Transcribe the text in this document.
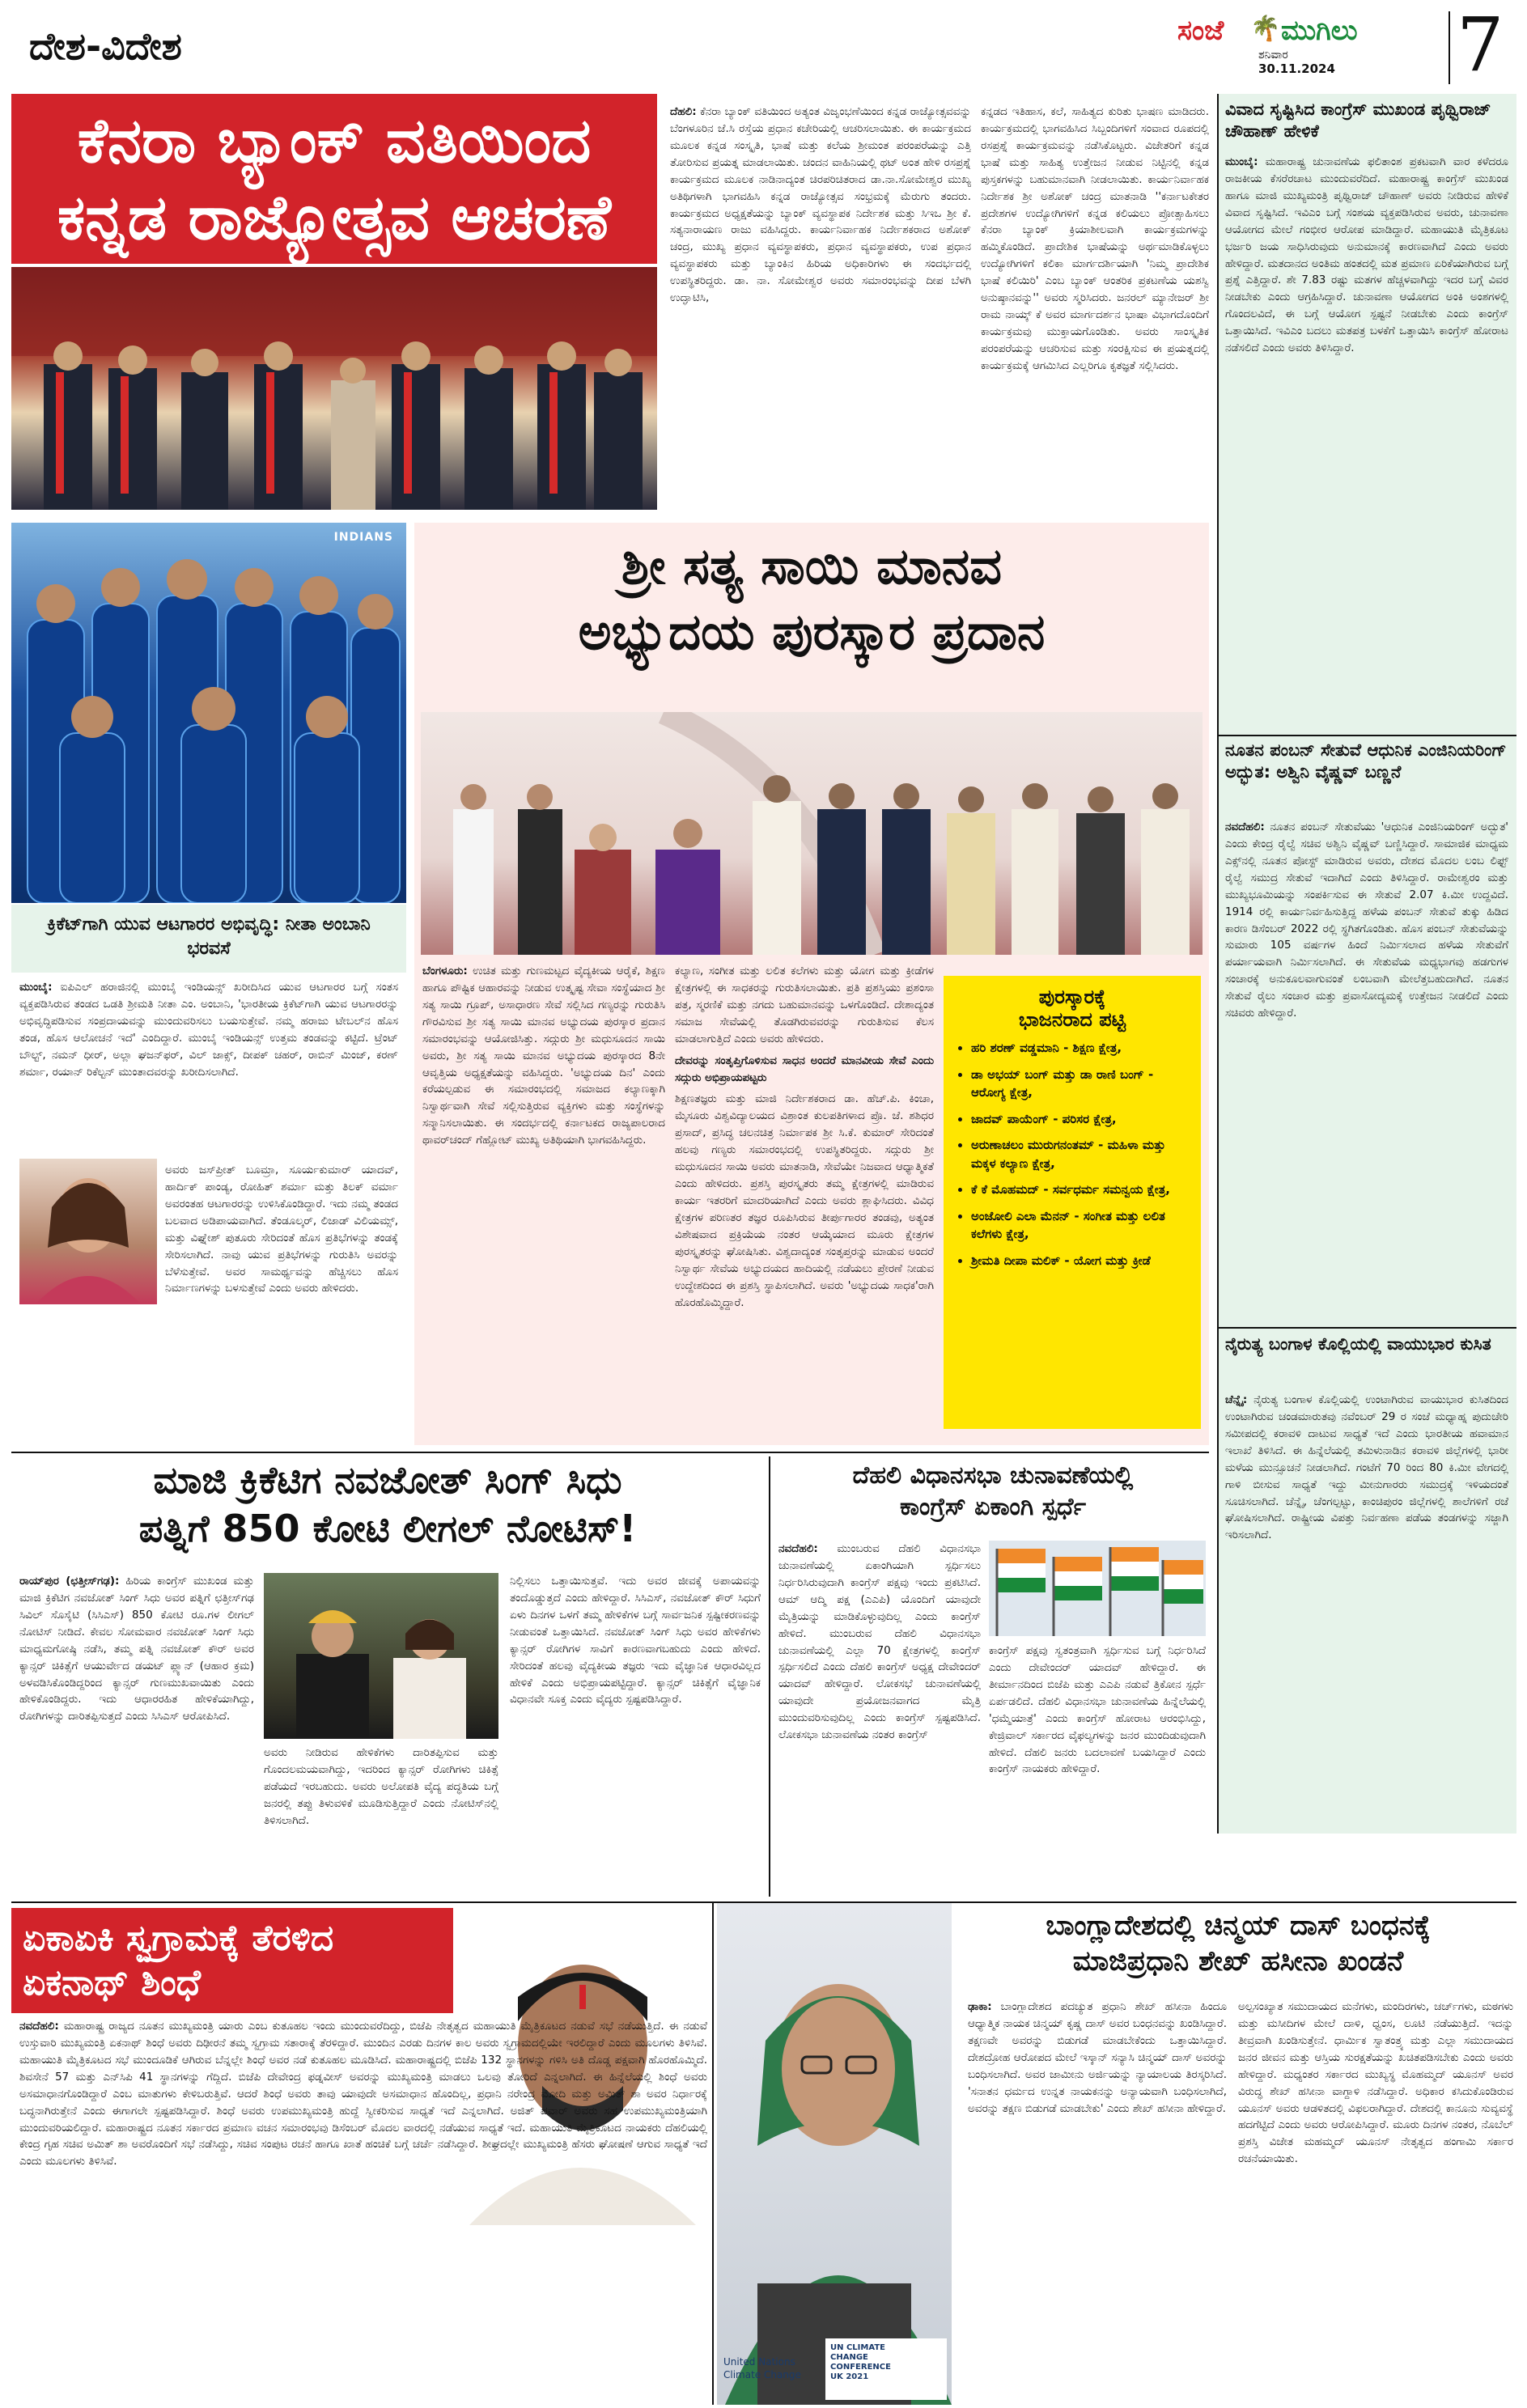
ದೇಶ-ವಿದೇಶ	ಸಂಜೆ 🌴 ಮುಗಿಲು
ಶನಿವಾರ
30.11.2024 7
ಕೆನರಾ ಬ್ಯಾಂಕ್ ವತಿಯಿಂದ
ಕನ್ನಡ ರಾಜ್ಯೋತ್ಸವ ಆಚರಣೆ
ದೆಹಲಿ: ಕೆನರಾ ಬ್ಯಾಂಕ್ ವತಿಯಿಂದ ಅತ್ಯಂತ ವಿಜೃಂಭಣೆಯಿಂದ ಕನ್ನಡ ರಾಜ್ಯೋತ್ಸವವನ್ನು ಬೆಂಗಳೂರಿನ ಜೆ.ಸಿ ರಸ್ತೆಯ ಪ್ರಧಾನ ಕಚೇರಿಯಲ್ಲಿ ಆಚರಿಸಲಾಯಿತು. ಈ ಕಾರ್ಯಕ್ರಮದ ಮೂಲಕ ಕನ್ನಡ ಸಂಸ್ಕೃತಿ, ಭಾಷೆ ಮತ್ತು ಕಲೆಯ ಶ್ರೀಮಂತ ಪರಂಪರೆಯನ್ನು ಎತ್ತಿ ತೋರಿಸುವ ಪ್ರಯತ್ನ ಮಾಡಲಾಯಿತು. ಚಂದನ ವಾಹಿನಿಯಲ್ಲಿ ಥಟ್ ಅಂತ ಹೇಳಿ ರಸಪ್ರಶ್ನೆ ಕಾರ್ಯಕ್ರಮದ ಮೂಲಕ ನಾಡಿನಾದ್ಯಂತ ಚಿರಪರಿಚಿತರಾದ ಡಾ.ನಾ.ಸೋಮೇಶ್ವರ ಮುಖ್ಯ ಅತಿಥಿಗಳಾಗಿ ಭಾಗವಹಿಸಿ ಕನ್ನಡ ರಾಜ್ಯೋತ್ಸವ ಸಂಭ್ರಮಕ್ಕೆ ಮೆರುಗು ತಂದರು. ಕಾರ್ಯಕ್ರಮದ ಅಧ್ಯಕ್ಷತೆಯನ್ನು ಬ್ಯಾಂಕ್ ವ್ಯವಸ್ಥಾಪಕ ನಿರ್ದೇಶಕ ಮತ್ತು ಸಿಇಒ ಶ್ರೀ ಕೆ. ಸತ್ಯನಾರಾಯಣ ರಾಜು ವಹಿಸಿದ್ದರು. ಕಾರ್ಯನಿರ್ವಾಹಕ ನಿರ್ದೇಶಕರಾದ ಅಶೋಕ್ ಚಂದ್ರ, ಮುಖ್ಯ ಪ್ರಧಾನ ವ್ಯವಸ್ಥಾಪಕರು, ಪ್ರಧಾನ ವ್ಯವಸ್ಥಾಪಕರು, ಉಪ ಪ್ರಧಾನ ವ್ಯವಸ್ಥಾಪಕರು ಮತ್ತು ಬ್ಯಾಂಕಿನ ಹಿರಿಯ ಅಧಿಕಾರಿಗಳು ಈ ಸಂದರ್ಭದಲ್ಲಿ ಉಪಸ್ಥಿತರಿದ್ದರು. ಡಾ. ನಾ. ಸೋಮೇಶ್ವರ ಅವರು ಸಮಾರಂಭವನ್ನು ದೀಪ ಬೆಳಗಿ ಉದ್ಘಾಟಿಸಿ,
ಕನ್ನಡದ ಇತಿಹಾಸ, ಕಲೆ, ಸಾಹಿತ್ಯದ ಕುರಿತು ಭಾಷಣ ಮಾಡಿದರು. ಕಾರ್ಯಕ್ರಮದಲ್ಲಿ ಭಾಗವಹಿಸಿದ ಸಿಬ್ಬಂದಿಗಳಿಗೆ ಸಂವಾದ ರೂಪದಲ್ಲಿ ರಸಪ್ರಶ್ನೆ ಕಾರ್ಯಕ್ರಮವನ್ನು ನಡೆಸಿಕೊಟ್ಟರು. ವಿಜೇತರಿಗೆ ಕನ್ನಡ ಭಾಷೆ ಮತ್ತು ಸಾಹಿತ್ಯ ಉತ್ತೇಜನ ನೀಡುವ ನಿಟ್ಟಿನಲ್ಲಿ ಕನ್ನಡ ಪುಸ್ತಕಗಳನ್ನು ಬಹುಮಾನವಾಗಿ ನೀಡಲಾಯಿತು. ಕಾರ್ಯನಿರ್ವಾಹಕ ನಿರ್ದೇಶಕ ಶ್ರೀ ಅಶೋಕ್ ಚಂದ್ರ ಮಾತನಾಡಿ ''ಕರ್ನಾಟಕೇತರ ಪ್ರದೇಶಗಳ ಉದ್ಯೋಗಿಗಳಿಗೆ ಕನ್ನಡ ಕಲಿಯಲು ಪ್ರೋತ್ಸಾಹಿಸಲು ಕೆನರಾ ಬ್ಯಾಂಕ್ ಕ್ರಿಯಾಶೀಲವಾಗಿ ಕಾರ್ಯಕ್ರಮಗಳನ್ನು ಹಮ್ಮಿಕೊಂಡಿದೆ. ಪ್ರಾದೇಶಿಕ ಭಾಷೆಯನ್ನು ಅರ್ಥಮಾಡಿಕೊಳ್ಳಲು ಉದ್ಯೋಗಿಗಳಿಗೆ ಕಲಿಕಾ ಮಾರ್ಗದರ್ಶಿಯಾಗಿ 'ನಿಮ್ಮ ಪ್ರಾದೇಶಿಕ ಭಾಷೆ ಕಲಿಯಿರಿ' ಎಂಬ ಬ್ಯಾಂಕ್ ಆಂತರಿಕ ಪ್ರಕಟಣೆಯ ಯಶಸ್ವಿ ಅನುಷ್ಠಾನವನ್ನು'' ಅವರು ಸ್ಮರಿಸಿದರು. ಜನರಲ್ ಮ್ಯಾನೇಜರ್ ಶ್ರೀ ರಾಮ ನಾಯ್ಕ್ ಕೆ ಅವರ ಮಾರ್ಗದರ್ಶನ ಭಾಷಾ ವಿಭಾಗದೊಂದಿಗೆ ಕಾರ್ಯಕ್ರಮವು ಮುಕ್ತಾಯಗೊಂಡಿತು. ಅವರು ಸಾಂಸ್ಕೃತಿಕ ಪರಂಪರೆಯನ್ನು ಆಚರಿಸುವ ಮತ್ತು ಸಂರಕ್ಷಿಸುವ ಈ ಪ್ರಯತ್ನದಲ್ಲಿ ಕಾರ್ಯಕ್ರಮಕ್ಕೆ ಆಗಮಿಸಿದ ಎಲ್ಲರಿಗೂ ಕೃತಜ್ಞತೆ ಸಲ್ಲಿಸಿದರು.
ವಿವಾದ ಸೃಷ್ಟಿಸಿದ ಕಾಂಗ್ರೆಸ್ ಮುಖಂಡ ಪೃಥ್ವಿರಾಜ್ ಚೌಹಾಣ್ ಹೇಳಿಕೆ
ಮುಂಬೈ: ಮಹಾರಾಷ್ಟ್ರ ಚುನಾವಣೆಯ ಫಲಿತಾಂಶ ಪ್ರಕಟವಾಗಿ ವಾರ ಕಳೆದರೂ ರಾಜಕೀಯ ಕೆಸರೆರಚಾಟ ಮುಂದುವರೆದಿದೆ. ಮಹಾರಾಷ್ಟ್ರ ಕಾಂಗ್ರೆಸ್ ಮುಖಂಡ ಹಾಗೂ ಮಾಜಿ ಮುಖ್ಯಮಂತ್ರಿ ಪೃಥ್ವಿರಾಜ್ ಚೌಹಾಣ್ ಅವರು ನೀಡಿರುವ ಹೇಳಿಕೆ ವಿವಾದ ಸೃಷ್ಟಿಸಿದೆ. ಇವಿಎಂ ಬಗ್ಗೆ ಸಂಶಯ ವ್ಯಕ್ತಪಡಿಸಿರುವ ಅವರು, ಚುನಾವಣಾ ಆಯೋಗದ ಮೇಲೆ ಗಂಭೀರ ಆರೋಪ ಮಾಡಿದ್ದಾರೆ. ಮಹಾಯುತಿ ಮೈತ್ರಿಕೂಟ ಭರ್ಜರಿ ಜಯ ಸಾಧಿಸಿರುವುದು ಅನುಮಾನಕ್ಕೆ ಕಾರಣವಾಗಿದೆ ಎಂದು ಅವರು ಹೇಳಿದ್ದಾರೆ. ಮತದಾನದ ಅಂತಿಮ ಹಂತದಲ್ಲಿ ಮತ ಪ್ರಮಾಣ ಏರಿಕೆಯಾಗಿರುವ ಬಗ್ಗೆ ಪ್ರಶ್ನೆ ಎತ್ತಿದ್ದಾರೆ. ಶೇ 7.83 ರಷ್ಟು ಮತಗಳ ಹೆಚ್ಚಳವಾಗಿದ್ದು ಇದರ ಬಗ್ಗೆ ವಿವರ ನೀಡಬೇಕು ಎಂದು ಆಗ್ರಹಿಸಿದ್ದಾರೆ. ಚುನಾವಣಾ ಆಯೋಗದ ಅಂಕಿ ಅಂಶಗಳಲ್ಲಿ ಗೊಂದಲವಿದೆ, ಈ ಬಗ್ಗೆ ಆಯೋಗ ಸ್ಪಷ್ಟನೆ ನೀಡಬೇಕು ಎಂದು ಕಾಂಗ್ರೆಸ್ ಒತ್ತಾಯಿಸಿದೆ. ಇವಿಎಂ ಬದಲು ಮತಪತ್ರ ಬಳಕೆಗೆ ಒತ್ತಾಯಿಸಿ ಕಾಂಗ್ರೆಸ್ ಹೋರಾಟ ನಡೆಸಲಿದೆ ಎಂದು ಅವರು ತಿಳಿಸಿದ್ದಾರೆ.
ನೂತನ ಪಂಬನ್ ಸೇತುವೆ ಆಧುನಿಕ ಎಂಜಿನಿಯರಿಂಗ್ ಅದ್ಭುತ: ಅಶ್ವಿನಿ ವೈಷ್ಣವ್ ಬಣ್ಣನೆ
ನವದೆಹಲಿ: ನೂತನ ಪಂಬನ್ ಸೇತುವೆಯು 'ಆಧುನಿಕ ಎಂಜಿನಿಯರಿಂಗ್ ಅದ್ಭುತ' ಎಂದು ಕೇಂದ್ರ ರೈಲ್ವೆ ಸಚಿವ ಅಶ್ವಿನಿ ವೈಷ್ಣವ್ ಬಣ್ಣಿಸಿದ್ದಾರೆ. ಸಾಮಾಜಿಕ ಮಾಧ್ಯಮ ಎಕ್ಸ್‌ನಲ್ಲಿ ನೂತನ ಪೋಸ್ಟ್ ಮಾಡಿರುವ ಅವರು, ದೇಶದ ಮೊದಲ ಲಂಬ ಲಿಫ್ಟ್ ರೈಲ್ವೆ ಸಮುದ್ರ ಸೇತುವೆ ಇದಾಗಿದೆ ಎಂದು ತಿಳಿಸಿದ್ದಾರೆ. ರಾಮೇಶ್ವರಂ ಮತ್ತು ಮುಖ್ಯಭೂಮಿಯನ್ನು ಸಂಪರ್ಕಿಸುವ ಈ ಸೇತುವೆ 2.07 ಕಿ.ಮೀ ಉದ್ದವಿದೆ. 1914 ರಲ್ಲಿ ಕಾರ್ಯನಿರ್ವಹಿಸುತ್ತಿದ್ದ ಹಳೆಯ ಪಂಬನ್ ಸೇತುವೆ ತುಕ್ಕು ಹಿಡಿದ ಕಾರಣ ಡಿಸೆಂಬರ್ 2022 ರಲ್ಲಿ ಸ್ಥಗಿತಗೊಂಡಿತು. ಹೊಸ ಪಂಬನ್ ಸೇತುವೆಯನ್ನು ಸುಮಾರು 105 ವರ್ಷಗಳ ಹಿಂದೆ ನಿರ್ಮಿಸಲಾದ ಹಳೆಯ ಸೇತುವೆಗೆ ಪರ್ಯಾಯವಾಗಿ ನಿರ್ಮಿಸಲಾಗಿದೆ. ಈ ಸೇತುವೆಯ ಮಧ್ಯಭಾಗವು ಹಡಗುಗಳ ಸಂಚಾರಕ್ಕೆ ಅನುಕೂಲವಾಗುವಂತೆ ಲಂಬವಾಗಿ ಮೇಲೆತ್ತಬಹುದಾಗಿದೆ. ನೂತನ ಸೇತುವೆ ರೈಲು ಸಂಚಾರ ಮತ್ತು ಪ್ರವಾಸೋದ್ಯಮಕ್ಕೆ ಉತ್ತೇಜನ ನೀಡಲಿದೆ ಎಂದು ಸಚಿವರು ಹೇಳಿದ್ದಾರೆ.
ನೈರುತ್ಯ ಬಂಗಾಳ ಕೊಲ್ಲಿಯಲ್ಲಿ ವಾಯುಭಾರ ಕುಸಿತ
ಚೆನ್ನೈ: ನೈರುತ್ಯ ಬಂಗಾಳ ಕೊಲ್ಲಿಯಲ್ಲಿ ಉಂಟಾಗಿರುವ ವಾಯುಭಾರ ಕುಸಿತದಿಂದ ಉಂಟಾಗಿರುವ ಚಂಡಮಾರುತವು ನವೆಂಬರ್ 29 ರ ಸಂಜೆ ಮಧ್ಯಾಹ್ನ ಪುದುಚೇರಿ ಸಮೀಪದಲ್ಲಿ ಕರಾವಳಿ ದಾಟುವ ಸಾಧ್ಯತೆ ಇದೆ ಎಂದು ಭಾರತೀಯ ಹವಾಮಾನ ಇಲಾಖೆ ತಿಳಿಸಿದೆ. ಈ ಹಿನ್ನೆಲೆಯಲ್ಲಿ ತಮಿಳುನಾಡಿನ ಕರಾವಳಿ ಜಿಲ್ಲೆಗಳಲ್ಲಿ ಭಾರೀ ಮಳೆಯ ಮುನ್ಸೂಚನೆ ನೀಡಲಾಗಿದೆ. ಗಂಟೆಗೆ 70 ರಿಂದ 80 ಕಿ.ಮೀ ವೇಗದಲ್ಲಿ ಗಾಳಿ ಬೀಸುವ ಸಾಧ್ಯತೆ ಇದ್ದು ಮೀನುಗಾರರು ಸಮುದ್ರಕ್ಕೆ ಇಳಿಯದಂತೆ ಸೂಚಿಸಲಾಗಿದೆ. ಚೆನ್ನೈ, ಚೆಂಗಲ್ಪಟ್ಟು, ಕಾಂಚಿಪುರಂ ಜಿಲ್ಲೆಗಳಲ್ಲಿ ಶಾಲೆಗಳಿಗೆ ರಜೆ ಘೋಷಿಸಲಾಗಿದೆ. ರಾಷ್ಟ್ರೀಯ ವಿಪತ್ತು ನಿರ್ವಹಣಾ ಪಡೆಯ ತಂಡಗಳನ್ನು ಸಜ್ಜಾಗಿ ಇರಿಸಲಾಗಿದೆ.
INDIANS
ಕ್ರಿಕೆಟ್‌ಗಾಗಿ ಯುವ ಆಟಗಾರರ ಅಭಿವೃದ್ಧಿ: ನೀತಾ ಅಂಬಾನಿ ಭರವಸೆ
ಮುಂಬೈ: ಐಪಿಎಲ್ ಹರಾಜಿನಲ್ಲಿ ಮುಂಬೈ ಇಂಡಿಯನ್ಸ್ ಖರೀದಿಸಿದ ಯುವ ಆಟಗಾರರ ಬಗ್ಗೆ ಸಂತಸ ವ್ಯಕ್ತಪಡಿಸಿರುವ ತಂಡದ ಒಡತಿ ಶ್ರೀಮತಿ ನೀತಾ ಎಂ. ಅಂಬಾನಿ, 'ಭಾರತೀಯ ಕ್ರಿಕೆಟ್‌ಗಾಗಿ ಯುವ ಆಟಗಾರರನ್ನು ಅಭಿವೃದ್ಧಿಪಡಿಸುವ ಸಂಪ್ರದಾಯವನ್ನು ಮುಂದುವರಿಸಲು ಬಯಸುತ್ತೇವೆ. ನಮ್ಮ ಹರಾಜು ಟೇಬಲ್‌ನ ಹೊಸ ತಂಡ, ಹೊಸ ಆಲೋಚನೆ ಇದೆ' ಎಂದಿದ್ದಾರೆ. ಮುಂಬೈ ಇಂಡಿಯನ್ಸ್ ಉತ್ತಮ ತಂಡವನ್ನು ಕಟ್ಟಿದೆ. ಟ್ರೆಂಟ್ ಬೌಲ್ಟ್, ನಮನ್ ಧೀರ್, ಅಲ್ಲಾ ಘಜನ್‌ಫರ್, ವಿಲ್ ಜಾಕ್ಸ್, ದೀಪಕ್ ಚಹರ್, ರಾಬಿನ್ ಮಿಂಜ್, ಕರಣ್ ಶರ್ಮಾ, ರಯಾನ್ ರಿಕೆಲ್ಟನ್ ಮುಂತಾದವರನ್ನು ಖರೀದಿಸಲಾಗಿದೆ.
ಅವರು ಜಸ್‌ಪ್ರೀತ್ ಬೂಮ್ರಾ, ಸೂರ್ಯಕುಮಾರ್ ಯಾದವ್, ಹಾರ್ದಿಕ್ ಪಾಂಡ್ಯ, ರೋಹಿತ್ ಶರ್ಮಾ ಮತ್ತು ತಿಲಕ್ ವರ್ಮಾ ಅವರಂತಹ ಆಟಗಾರರನ್ನು ಉಳಿಸಿಕೊಂಡಿದ್ದಾರೆ. ಇದು ನಮ್ಮ ತಂಡದ ಬಲವಾದ ಅಡಿಪಾಯವಾಗಿದೆ. ತೆಂಡೂಲ್ಕರ್, ಲಿಜಾಡ್ ವಿಲಿಯಮ್ಸ್, ಮತ್ತು ವಿಘ್ನೇಶ್ ಪುತೂರು ಸೇರಿದಂತೆ ಹೊಸ ಪ್ರತಿಭೆಗಳನ್ನು ತಂಡಕ್ಕೆ ಸೇರಿಸಲಾಗಿದೆ. ನಾವು ಯುವ ಪ್ರತಿಭೆಗಳನ್ನು ಗುರುತಿಸಿ ಅವರನ್ನು ಬೆಳೆಸುತ್ತೇವೆ. ಅವರ ಸಾಮರ್ಥ್ಯವನ್ನು ಹೆಚ್ಚಿಸಲು ಹೊಸ ನಿರ್ಮಾಣಗಳನ್ನು ಬಳಸುತ್ತೇವೆ ಎಂದು ಅವರು ಹೇಳಿದರು.
ಶ್ರೀ ಸತ್ಯ ಸಾಯಿ ಮಾನವ
ಅಭ್ಯುದಯ ಪುರಸ್ಕಾರ ಪ್ರದಾನ
ಬೆಂಗಳೂರು: ಉಚಿತ ಮತ್ತು ಗುಣಮಟ್ಟದ ವೈದ್ಯಕೀಯ ಆರೈಕೆ, ಶಿಕ್ಷಣ ಹಾಗೂ ಪೌಷ್ಟಿಕ ಆಹಾರವನ್ನು ನೀಡುವ ಉತ್ಕೃಷ್ಟ ಸೇವಾ ಸಂಸ್ಥೆಯಾದ ಶ್ರೀ ಸತ್ಯ ಸಾಯಿ ಗ್ರೂಪ್, ಅಸಾಧಾರಣ ಸೇವೆ ಸಲ್ಲಿಸಿದ ಗಣ್ಯರನ್ನು ಗುರುತಿಸಿ ಗೌರವಿಸುವ ಶ್ರೀ ಸತ್ಯ ಸಾಯಿ ಮಾನವ ಅಭ್ಯುದಯ ಪುರಸ್ಕಾರ ಪ್ರದಾನ ಸಮಾರಂಭವನ್ನು ಆಯೋಜಿಸಿತ್ತು. ಸದ್ಗುರು ಶ್ರೀ ಮಧುಸೂದನ ಸಾಯಿ ಅವರು, ಶ್ರೀ ಸತ್ಯ ಸಾಯಿ ಮಾನವ ಅಭ್ಯುದಯ ಪುರಸ್ಕಾರದ 8ನೇ ಆವೃತ್ತಿಯ ಅಧ್ಯಕ್ಷತೆಯನ್ನು ವಹಿಸಿದ್ದರು. 'ಅಭ್ಯುದಯ ದಿನ' ಎಂದು ಕರೆಯಲ್ಪಡುವ ಈ ಸಮಾರಂಭದಲ್ಲಿ ಸಮಾಜದ ಕಲ್ಯಾಣಕ್ಕಾಗಿ ನಿಸ್ವಾರ್ಥವಾಗಿ ಸೇವೆ ಸಲ್ಲಿಸುತ್ತಿರುವ ವ್ಯಕ್ತಿಗಳು ಮತ್ತು ಸಂಸ್ಥೆಗಳನ್ನು ಸನ್ಮಾನಿಸಲಾಯಿತು. ಈ ಸಂದರ್ಭದಲ್ಲಿ ಕರ್ನಾಟಕದ ರಾಜ್ಯಪಾಲರಾದ ಥಾವರ್‌ಚಂದ್ ಗೆಹ್ಲೋಟ್ ಮುಖ್ಯ ಅತಿಥಿಯಾಗಿ ಭಾಗವಹಿಸಿದ್ದರು.
ಕಲ್ಯಾಣ, ಸಂಗೀತ ಮತ್ತು ಲಲಿತ ಕಲೆಗಳು ಮತ್ತು ಯೋಗ ಮತ್ತು ಕ್ರೀಡೆಗಳ ಕ್ಷೇತ್ರಗಳಲ್ಲಿ ಈ ಸಾಧಕರನ್ನು ಗುರುತಿಸಲಾಯಿತು. ಪ್ರತಿ ಪ್ರಶಸ್ತಿಯು ಪ್ರಶಂಸಾ ಪತ್ರ, ಸ್ಮರಣಿಕೆ ಮತ್ತು ನಗದು ಬಹುಮಾನವನ್ನು ಒಳಗೊಂಡಿದೆ. ದೇಶಾದ್ಯಂತ ಸಮಾಜ ಸೇವೆಯಲ್ಲಿ ತೊಡಗಿರುವವರನ್ನು ಗುರುತಿಸುವ ಕೆಲಸ ಮಾಡಲಾಗುತ್ತಿದೆ ಎಂದು ಅವರು ಹೇಳಿದರು.
ದೇವರನ್ನು ಸಂತೃಪ್ತಿಗೊಳಿಸುವ ಸಾಧನ ಅಂದರೆ ಮಾನವೀಯ ಸೇವೆ ಎಂದು ಸದ್ಗುರು ಅಭಿಪ್ರಾಯಪಟ್ಟರು
ಶಿಕ್ಷಣತಜ್ಞರು ಮತ್ತು ಮಾಜಿ ನಿರ್ದೇಶಕರಾದ ಡಾ. ಹೆಚ್.ಪಿ. ಕಿಂಚಾ, ಮೈಸೂರು ವಿಶ್ವವಿದ್ಯಾಲಯದ ವಿಶ್ರಾಂತ ಕುಲಪತಿಗಳಾದ ಪ್ರೊ. ಜೆ. ಶಶಿಧರ ಪ್ರಸಾದ್, ಪ್ರಸಿದ್ಧ ಚಲನಚಿತ್ರ ನಿರ್ಮಾಪಕ ಶ್ರೀ ಸಿ.ಕೆ. ಕುಮಾರ್ ಸೇರಿದಂತೆ ಹಲವು ಗಣ್ಯರು ಸಮಾರಂಭದಲ್ಲಿ ಉಪಸ್ಥಿತರಿದ್ದರು. ಸದ್ಗುರು ಶ್ರೀ ಮಧುಸೂದನ ಸಾಯಿ ಅವರು ಮಾತನಾಡಿ, ಸೇವೆಯೇ ನಿಜವಾದ ಆಧ್ಯಾತ್ಮಿಕತೆ ಎಂದು ಹೇಳಿದರು. ಪ್ರಶಸ್ತಿ ಪುರಸ್ಕೃತರು ತಮ್ಮ ಕ್ಷೇತ್ರಗಳಲ್ಲಿ ಮಾಡಿರುವ ಕಾರ್ಯ ಇತರರಿಗೆ ಮಾದರಿಯಾಗಿದೆ ಎಂದು ಅವರು ಶ್ಲಾಘಿಸಿದರು. ವಿವಿಧ ಕ್ಷೇತ್ರಗಳ ಪರಿಣತರ ತಜ್ಞರ ರೂಪಿಸಿರುವ ತೀರ್ಪುಗಾರರ ತಂಡವು, ಅತ್ಯಂತ ವಿಶೇಷವಾದ ಪ್ರಕ್ರಿಯೆಯ ನಂತರ ಆಯ್ಕೆಯಾದ ಮೂರು ಕ್ಷೇತ್ರಗಳ ಪುರಸ್ಕೃತರನ್ನು ಘೋಷಿಸಿತು. ವಿಶ್ವದಾದ್ಯಂತ ಸಂತೃಪ್ತರನ್ನು ಮಾಡುವ ಅಂದರೆ ನಿಸ್ವಾರ್ಥ ಸೇವೆಯ ಅಭ್ಯುದಯದ ಹಾದಿಯಲ್ಲಿ ನಡೆಯಲು ಪ್ರೇರಣೆ ನೀಡುವ ಉದ್ದೇಶದಿಂದ ಈ ಪ್ರಶಸ್ತಿ ಸ್ಥಾಪಿಸಲಾಗಿದೆ. ಅವರು 'ಅಭ್ಯುದಯ ಸಾಧಕ'ರಾಗಿ ಹೊರಹೊಮ್ಮಿದ್ದಾರೆ.
ಪುರಸ್ಕಾರಕ್ಕೆ
ಭಾಜನರಾದ ಪಟ್ಟಿ
• ಹರಿ ಶರಣ್ ವಡ್ಡಮಾನಿ - ಶಿಕ್ಷಣ ಕ್ಷೇತ್ರ,
• ಡಾ ಅಭಯ್ ಬಂಗ್ ಮತ್ತು ಡಾ ರಾಣಿ ಬಂಗ್ - ಆರೋಗ್ಯ ಕ್ಷೇತ್ರ,
• ಜಾದವ್ ಪಾಯೆಂಗ್ - ಪರಿಸರ ಕ್ಷೇತ್ರ,
• ಅರುಣಾಚಲಂ ಮುರುಗನಂತಮ್ - ಮಹಿಳಾ ಮತ್ತು ಮಕ್ಕಳ ಕಲ್ಯಾಣ ಕ್ಷೇತ್ರ,
• ಕೆ ಕೆ ಮೊಹಮದ್ - ಸರ್ವಧರ್ಮ ಸಮನ್ವಯ ಕ್ಷೇತ್ರ,
• ಅಂಜೋಲಿ ಎಲಾ ಮೆನನ್ - ಸಂಗೀತ ಮತ್ತು ಲಲಿತ ಕಲೆಗಳು ಕ್ಷೇತ್ರ,
• ಶ್ರೀಮತಿ ದೀಪಾ ಮಲಿಕ್ - ಯೋಗ ಮತ್ತು ಕ್ರೀಡೆ
ಮಾಜಿ ಕ್ರಿಕೆಟಿಗ ನವಜೋತ್ ಸಿಂಗ್ ಸಿಧು
ಪತ್ನಿಗೆ 850 ಕೋಟಿ ಲೀಗಲ್ ನೋಟಿಸ್!
ರಾಯ್‌ಪುರ (ಛತ್ತೀಸ್‌ಗಢ): ಹಿರಿಯ ಕಾಂಗ್ರೆಸ್ ಮುಖಂಡ ಮತ್ತು ಮಾಜಿ ಕ್ರಿಕೆಟಿಗ ನವಜೋತ್ ಸಿಂಗ್ ಸಿಧು ಅವರ ಪತ್ನಿಗೆ ಛತ್ತೀಸ್‌ಗಢ ಸಿವಿಲ್ ಸೊಸೈಟಿ (ಸಿಸಿಎಸ್) 850 ಕೋಟಿ ರೂ.ಗಳ ಲೀಗಲ್ ನೋಟಿಸ್ ನೀಡಿದೆ. ಕೇವಲ ಸೋಮವಾರ ನವಜೋತ್ ಸಿಂಗ್ ಸಿಧು ಮಾಧ್ಯಮಗೋಷ್ಠಿ ನಡೆಸಿ, ತಮ್ಮ ಪತ್ನಿ ನವಜೋತ್ ಕೌರ್ ಅವರ ಕ್ಯಾನ್ಸರ್ ಚಿಕಿತ್ಸೆಗೆ ಆಯುರ್ವೇದ ಡಯಟ್ ಪ್ಲ್ಯಾನ್ (ಆಹಾರ ಕ್ರಮ) ಅಳವಡಿಸಿಕೊಂಡಿದ್ದರಿಂದ ಕ್ಯಾನ್ಸರ್ ಗುಣಮುಖವಾಯಿತು ಎಂದು ಹೇಳಿಕೊಂಡಿದ್ದರು. ಇದು ಆಧಾರರಹಿತ ಹೇಳಿಕೆಯಾಗಿದ್ದು, ರೋಗಿಗಳನ್ನು ದಾರಿತಪ್ಪಿಸುತ್ತದೆ ಎಂದು ಸಿಸಿಎಸ್ ಆರೋಪಿಸಿದೆ.
ನಿಲ್ಲಿಸಲು ಒತ್ತಾಯಿಸುತ್ತವೆ. ಇದು ಅವರ ಜೀವಕ್ಕೆ ಅಪಾಯವನ್ನು ತಂದೊಡ್ಡುತ್ತದೆ ಎಂದು ಹೇಳಿದ್ದಾರೆ. ಸಿಸಿಎಸ್, ನವಜೋತ್ ಕೌರ್ ಸಿಧುಗೆ ಏಳು ದಿನಗಳ ಒಳಗೆ ತಮ್ಮ ಹೇಳಿಕೆಗಳ ಬಗ್ಗೆ ಸಾರ್ವಜನಿಕ ಸ್ಪಷ್ಟೀಕರಣವನ್ನು ನೀಡುವಂತೆ ಒತ್ತಾಯಿಸಿದೆ. ನವಜೋತ್ ಸಿಂಗ್ ಸಿಧು ಅವರ ಹೇಳಿಕೆಗಳು ಕ್ಯಾನ್ಸರ್ ರೋಗಿಗಳ ಸಾವಿಗೆ ಕಾರಣವಾಗಬಹುದು ಎಂದು ಹೇಳಿದೆ. ಸೇರಿದಂತೆ ಹಲವು ವೈದ್ಯಕೀಯ ತಜ್ಞರು ಇದು ವೈಜ್ಞಾನಿಕ ಆಧಾರವಿಲ್ಲದ ಹೇಳಿಕೆ ಎಂದು ಅಭಿಪ್ರಾಯಪಟ್ಟಿದ್ದಾರೆ. ಕ್ಯಾನ್ಸರ್ ಚಿಕಿತ್ಸೆಗೆ ವೈಜ್ಞಾನಿಕ ವಿಧಾನವೇ ಸೂಕ್ತ ಎಂದು ವೈದ್ಯರು ಸ್ಪಷ್ಟಪಡಿಸಿದ್ದಾರೆ.
ಅವರು ನೀಡಿರುವ ಹೇಳಿಕೆಗಳು ದಾರಿತಪ್ಪಿಸುವ ಮತ್ತು ಗೊಂದಲಮಯವಾಗಿದ್ದು, ಇದರಿಂದ ಕ್ಯಾನ್ಸರ್ ರೋಗಿಗಳು ಚಿಕಿತ್ಸೆ ಪಡೆಯದೆ ಇರಬಹುದು. ಅವರು ಅಲೋಪತಿ ವೈದ್ಯ ಪದ್ಧತಿಯ ಬಗ್ಗೆ ಜನರಲ್ಲಿ ತಪ್ಪು ತಿಳುವಳಿಕೆ ಮೂಡಿಸುತ್ತಿದ್ದಾರೆ ಎಂದು ನೋಟಿಸ್‌ನಲ್ಲಿ ತಿಳಿಸಲಾಗಿದೆ.
ದೆಹಲಿ ವಿಧಾನಸಭಾ ಚುನಾವಣೆಯಲ್ಲಿ
ಕಾಂಗ್ರೆಸ್ ಏಕಾಂಗಿ ಸ್ಪರ್ಧೆ
ನವದೆಹಲಿ: ಮುಂಬರುವ ದೆಹಲಿ ವಿಧಾನಸಭಾ ಚುನಾವಣೆಯಲ್ಲಿ ಏಕಾಂಗಿಯಾಗಿ ಸ್ಪರ್ಧಿಸಲು ನಿರ್ಧರಿಸಿರುವುದಾಗಿ ಕಾಂಗ್ರೆಸ್ ಪಕ್ಷವು ಇಂದು ಪ್ರಕಟಿಸಿದೆ. ಆಮ್ ಆದ್ಮಿ ಪಕ್ಷ (ಎಎಪಿ) ಯೊಂದಿಗೆ ಯಾವುದೇ ಮೈತ್ರಿಯನ್ನು ಮಾಡಿಕೊಳ್ಳುವುದಿಲ್ಲ ಎಂದು ಕಾಂಗ್ರೆಸ್ ಹೇಳಿದೆ. ಮುಂಬರುವ ದೆಹಲಿ ವಿಧಾನಸಭಾ ಚುನಾವಣೆಯಲ್ಲಿ ಎಲ್ಲಾ 70 ಕ್ಷೇತ್ರಗಳಲ್ಲಿ ಕಾಂಗ್ರೆಸ್ ಸ್ಪರ್ಧಿಸಲಿದೆ ಎಂದು ದೆಹಲಿ ಕಾಂಗ್ರೆಸ್ ಅಧ್ಯಕ್ಷ ದೇವೇಂದರ್ ಯಾದವ್ ಹೇಳಿದ್ದಾರೆ. ಲೋಕಸಭೆ ಚುನಾವಣೆಯಲ್ಲಿ ಯಾವುದೇ ಪ್ರಯೋಜನವಾಗದ ಮೈತ್ರಿ ಮುಂದುವರಿಸುವುದಿಲ್ಲ ಎಂದು ಕಾಂಗ್ರೆಸ್ ಸ್ಪಷ್ಟಪಡಿಸಿದೆ. ಲೋಕಸಭಾ ಚುನಾವಣೆಯ ನಂತರ ಕಾಂಗ್ರೆಸ್
ಕಾಂಗ್ರೆಸ್ ಪಕ್ಷವು ಸ್ವತಂತ್ರವಾಗಿ ಸ್ಪರ್ಧಿಸುವ ಬಗ್ಗೆ ನಿರ್ಧರಿಸಿದೆ ಎಂದು ದೇವೇಂದರ್ ಯಾದವ್ ಹೇಳಿದ್ದಾರೆ. ಈ ತೀರ್ಮಾನದಿಂದ ಬಿಜೆಪಿ ಮತ್ತು ಎಎಪಿ ನಡುವೆ ತ್ರಿಕೋನ ಸ್ಪರ್ಧೆ ಏರ್ಪಡಲಿದೆ. ದೆಹಲಿ ವಿಧಾನಸಭಾ ಚುನಾವಣೆಯ ಹಿನ್ನೆಲೆಯಲ್ಲಿ 'ಧಮ್ಮೆಯಾತ್ರೆ' ಎಂದು ಕಾಂಗ್ರೆಸ್ ಹೋರಾಟ ಆರಂಭಿಸಿದ್ದು, ಕೇಜ್ರಿವಾಲ್ ಸರ್ಕಾರದ ವೈಫಲ್ಯಗಳನ್ನು ಜನರ ಮುಂದಿಡುವುದಾಗಿ ಹೇಳಿದೆ. ದೆಹಲಿ ಜನರು ಬದಲಾವಣೆ ಬಯಸಿದ್ದಾರೆ ಎಂದು ಕಾಂಗ್ರೆಸ್ ನಾಯಕರು ಹೇಳಿದ್ದಾರೆ.
ಏಕಾಏಕಿ ಸ್ವಗ್ರಾಮಕ್ಕೆ ತೆರಳಿದ
ಏಕನಾಥ್ ಶಿಂಧೆ
ನವದೆಹಲಿ: ಮಹಾರಾಷ್ಟ್ರ ರಾಜ್ಯದ ನೂತನ ಮುಖ್ಯಮಂತ್ರಿ ಯಾರು ಎಂಬ ಕುತೂಹಲ ಇಂದು ಮುಂದುವರೆದಿದ್ದು, ಬಿಜೆಪಿ ನೇತೃತ್ವದ ಮಹಾಯುತಿ ಮೈತ್ರಿಕೂಟದ ನಡುವೆ ಸಭೆ ನಡೆಯುತ್ತಿದೆ. ಈ ನಡುವೆ ಉಸ್ತುವಾರಿ ಮುಖ್ಯಮಂತ್ರಿ ಏಕನಾಥ್ ಶಿಂಧೆ ಅವರು ದಿಢೀರನೆ ತಮ್ಮ ಸ್ವಗ್ರಾಮ ಸತಾರಾಕ್ಕೆ ತೆರಳಿದ್ದಾರೆ. ಮುಂದಿನ ಎರಡು ದಿನಗಳ ಕಾಲ ಅವರು ಸ್ವಗ್ರಾಮದಲ್ಲಿಯೇ ಇರಲಿದ್ದಾರೆ ಎಂದು ಮೂಲಗಳು ತಿಳಿಸಿವೆ. ಮಹಾಯುತಿ ಮೈತ್ರಿಕೂಟದ ಸಭೆ ಮುಂದೂಡಿಕೆ ಆಗಿರುವ ಬೆನ್ನಲ್ಲೇ ಶಿಂಧೆ ಅವರ ನಡೆ ಕುತೂಹಲ ಮೂಡಿಸಿದೆ. ಮಹಾರಾಷ್ಟ್ರದಲ್ಲಿ ಬಿಜೆಪಿ 132 ಸ್ಥಾನಗಳನ್ನು ಗಳಿಸಿ ಅತಿ ದೊಡ್ಡ ಪಕ್ಷವಾಗಿ ಹೊರಹೊಮ್ಮಿದೆ. ಶಿವಸೇನೆ 57 ಮತ್ತು ಎನ್‌ಸಿಪಿ 41 ಸ್ಥಾನಗಳನ್ನು ಗೆದ್ದಿದೆ. ಬಿಜೆಪಿ ದೇವೇಂದ್ರ ಫಡ್ನವೀಸ್ ಅವರನ್ನು ಮುಖ್ಯಮಂತ್ರಿ ಮಾಡಲು ಒಲವು ತೋರಿದೆ ಎನ್ನಲಾಗಿದೆ. ಈ ಹಿನ್ನೆಲೆಯಲ್ಲಿ ಶಿಂಧೆ ಅವರು ಅಸಮಾಧಾನಗೊಂಡಿದ್ದಾರೆ ಎಂಬ ಮಾತುಗಳು ಕೇಳಿಬರುತ್ತಿವೆ. ಆದರೆ ಶಿಂಧೆ ಅವರು ತಾವು ಯಾವುದೇ ಅಸಮಾಧಾನ ಹೊಂದಿಲ್ಲ, ಪ್ರಧಾನಿ ನರೇಂದ್ರ ಮೋದಿ ಮತ್ತು ಅಮಿತ್ ಶಾ ಅವರ ನಿರ್ಧಾರಕ್ಕೆ ಬದ್ಧನಾಗಿರುತ್ತೇನೆ ಎಂದು ಈಗಾಗಲೇ ಸ್ಪಷ್ಟಪಡಿಸಿದ್ದಾರೆ. ಶಿಂಧೆ ಅವರು ಉಪಮುಖ್ಯಮಂತ್ರಿ ಹುದ್ದೆ ಸ್ವೀಕರಿಸುವ ಸಾಧ್ಯತೆ ಇದೆ ಎನ್ನಲಾಗಿದೆ. ಅಜಿತ್ ಪವಾರ್ ಅವರು ಸಹ ಉಪಮುಖ್ಯಮಂತ್ರಿಯಾಗಿ ಮುಂದುವರಿಯಲಿದ್ದಾರೆ. ಮಹಾರಾಷ್ಟ್ರದ ನೂತನ ಸರ್ಕಾರದ ಪ್ರಮಾಣ ವಚನ ಸಮಾರಂಭವು ಡಿಸೆಂಬರ್ ಮೊದಲ ವಾರದಲ್ಲಿ ನಡೆಯುವ ಸಾಧ್ಯತೆ ಇದೆ. ಮಹಾಯುತಿ ಮೈತ್ರಿಕೂಟದ ನಾಯಕರು ದೆಹಲಿಯಲ್ಲಿ ಕೇಂದ್ರ ಗೃಹ ಸಚಿವ ಅಮಿತ್ ಶಾ ಅವರೊಂದಿಗೆ ಸಭೆ ನಡೆಸಿದ್ದು, ಸಚಿವ ಸಂಪುಟ ರಚನೆ ಹಾಗೂ ಖಾತೆ ಹಂಚಿಕೆ ಬಗ್ಗೆ ಚರ್ಚೆ ನಡೆಸಿದ್ದಾರೆ. ಶೀಘ್ರದಲ್ಲೇ ಮುಖ್ಯಮಂತ್ರಿ ಹೆಸರು ಘೋಷಣೆ ಆಗುವ ಸಾಧ್ಯತೆ ಇದೆ ಎಂದು ಮೂಲಗಳು ತಿಳಿಸಿವೆ.
ಬಾಂಗ್ಲಾದೇಶದಲ್ಲಿ ಚಿನ್ಮಯ್ ದಾಸ್ ಬಂಧನಕ್ಕೆ
ಮಾಜಿಪ್ರಧಾನಿ ಶೇಖ್ ಹಸೀನಾ ಖಂಡನೆ
United Nations
Climate Change
UN CLIMATE
CHANGE
CONFERENCE
UK 2021
ಢಾಕಾ: ಬಾಂಗ್ಲಾದೇಶದ ಪದಚ್ಯುತ ಪ್ರಧಾನಿ ಶೇಖ್ ಹಸೀನಾ ಹಿಂದೂ ಆಧ್ಯಾತ್ಮಿಕ ನಾಯಕ ಚಿನ್ಮಯ್ ಕೃಷ್ಣ ದಾಸ್ ಅವರ ಬಂಧನವನ್ನು ಖಂಡಿಸಿದ್ದಾರೆ. ತಕ್ಷಣವೇ ಅವರನ್ನು ಬಿಡುಗಡೆ ಮಾಡಬೇಕೆಂದು ಒತ್ತಾಯಿಸಿದ್ದಾರೆ. ದೇಶದ್ರೋಹ ಆರೋಪದ ಮೇಲೆ ಇಸ್ಕಾನ್ ಸನ್ಯಾಸಿ ಚಿನ್ಮಯ್ ದಾಸ್ ಅವರನ್ನು ಬಂಧಿಸಲಾಗಿದೆ. ಅವರ ಜಾಮೀನು ಅರ್ಜಿಯನ್ನು ನ್ಯಾಯಾಲಯ ತಿರಸ್ಕರಿಸಿದೆ. 'ಸನಾತನ ಧರ್ಮದ ಉನ್ನತ ನಾಯಕನನ್ನು ಅನ್ಯಾಯವಾಗಿ ಬಂಧಿಸಲಾಗಿದೆ, ಅವರನ್ನು ತಕ್ಷಣ ಬಿಡುಗಡೆ ಮಾಡಬೇಕು' ಎಂದು ಶೇಖ್ ಹಸೀನಾ ಹೇಳಿದ್ದಾರೆ.
ಅಲ್ಪಸಂಖ್ಯಾತ ಸಮುದಾಯದ ಮನೆಗಳು, ಮಂದಿರಗಳು, ಚರ್ಚ್‌ಗಳು, ಮಠಗಳು ಮತ್ತು ಮಸೀದಿಗಳ ಮೇಲೆ ದಾಳಿ, ಧ್ವಂಸ, ಲೂಟಿ ನಡೆಯುತ್ತಿದೆ. ಇದನ್ನು ತೀವ್ರವಾಗಿ ಖಂಡಿಸುತ್ತೇನೆ. ಧಾರ್ಮಿಕ ಸ್ವಾತಂತ್ರ್ಯ ಮತ್ತು ಎಲ್ಲಾ ಸಮುದಾಯದ ಜನರ ಜೀವನ ಮತ್ತು ಆಸ್ತಿಯ ಸುರಕ್ಷತೆಯನ್ನು ಖಚಿತಪಡಿಸಬೇಕು ಎಂದು ಅವರು ಹೇಳಿದ್ದಾರೆ. ಮಧ್ಯಂತರ ಸರ್ಕಾರದ ಮುಖ್ಯಸ್ಥ ಮೊಹಮ್ಮದ್ ಯೂನಸ್ ಅವರ ವಿರುದ್ಧ ಶೇಖ್ ಹಸೀನಾ ವಾಗ್ದಾಳಿ ನಡೆಸಿದ್ದಾರೆ. ಅಧಿಕಾರ ಕಸಿದುಕೊಂಡಿರುವ ಯೂನಸ್ ಅವರು ಆಡಳಿತದಲ್ಲಿ ವಿಫಲರಾಗಿದ್ದಾರೆ. ದೇಶದಲ್ಲಿ ಕಾನೂನು ಸುವ್ಯವಸ್ಥೆ ಹದಗೆಟ್ಟಿದೆ ಎಂದು ಅವರು ಆರೋಪಿಸಿದ್ದಾರೆ. ಮೂರು ದಿನಗಳ ನಂತರ, ನೊಬೆಲ್ ಪ್ರಶಸ್ತಿ ವಿಜೇತ ಮಹಮ್ಮದ್ ಯೂನಸ್ ನೇತೃತ್ವದ ಹಂಗಾಮಿ ಸರ್ಕಾರ ರಚನೆಯಾಯಿತು.
